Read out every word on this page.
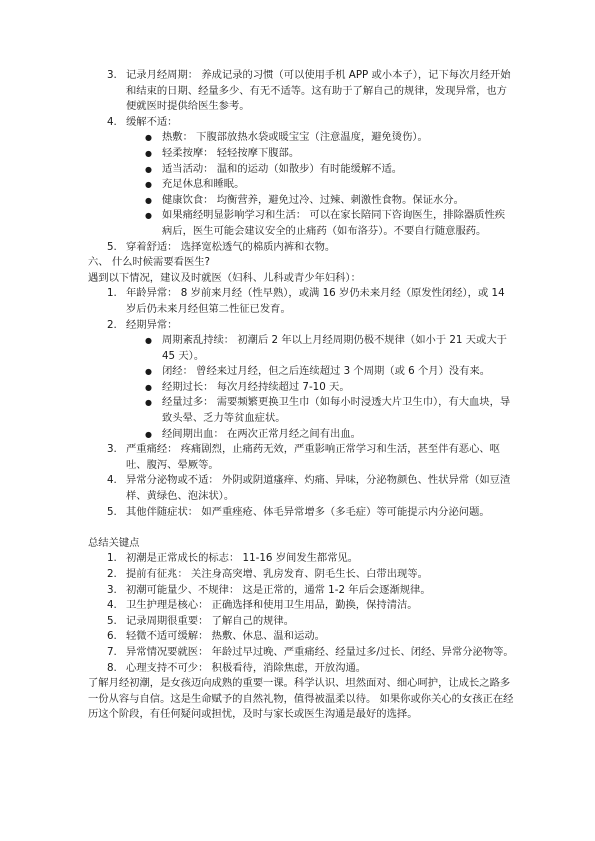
3. 记录月经周期： 养成记录的习惯（可以使用手机 APP 或小本子），记下每次月经开始和结束的日期、经量多少、有无不适等。这有助于了解自己的规律，发现异常，也方便就医时提供给医生参考。
4. 缓解不适：
● 热敷： 下腹部放热水袋或暖宝宝（注意温度，避免烫伤）。
● 轻柔按摩： 轻轻按摩下腹部。
● 适当活动： 温和的运动（如散步）有时能缓解不适。
● 充足休息和睡眠。
● 健康饮食： 均衡营养，避免过冷、过辣、刺激性食物。保证水分。
● 如果痛经明显影响学习和生活： 可以在家长陪同下咨询医生，排除器质性疾病后，医生可能会建议安全的止痛药（如布洛芬）。不要自行随意服药。
5. 穿着舒适： 选择宽松透气的棉质内裤和衣物。
六、 什么时候需要看医生?
遇到以下情况，建议及时就医（妇科、儿科或青少年妇科）：
1. 年龄异常： 8 岁前来月经（性早熟），或满 16 岁仍未来月经（原发性闭经），或 14 岁后仍未来月经但第二性征已发育。
2. 经期异常：
● 周期紊乱持续： 初潮后 2 年以上月经周期仍极不规律（如小于 21 天或大于 45 天）。
● 闭经： 曾经来过月经，但之后连续超过 3 个周期（或 6 个月）没有来。
● 经期过长： 每次月经持续超过 7-10 天。
● 经量过多： 需要频繁更换卫生巾（如每小时浸透大片卫生巾），有大血块，导致头晕、乏力等贫血症状。
● 经间期出血： 在两次正常月经之间有出血。
3. 严重痛经： 疼痛剧烈，止痛药无效，严重影响正常学习和生活，甚至伴有恶心、呕吐、腹泻、晕厥等。
4. 异常分泌物或不适： 外阴或阴道瘙痒、灼痛、异味，分泌物颜色、性状异常（如豆渣样、黄绿色、泡沫状）。
5. 其他伴随症状： 如严重痤疮、体毛异常增多（多毛症）等可能提示内分泌问题。
总结关键点
1. 初潮是正常成长的标志： 11-16 岁间发生都常见。
2. 提前有征兆： 关注身高突增、乳房发育、阴毛生长、白带出现等。
3. 初潮可能量少、不规律： 这是正常的，通常 1-2 年后会逐渐规律。
4. 卫生护理是核心： 正确选择和使用卫生用品，勤换，保持清洁。
5. 记录周期很重要： 了解自己的规律。
6. 轻微不适可缓解： 热敷、休息、温和运动。
7. 异常情况要就医： 年龄过早过晚、严重痛经、经量过多/过长、闭经、异常分泌物等。
8. 心理支持不可少： 积极看待，消除焦虑，开放沟通。
了解月经初潮，是女孩迈向成熟的重要一课。科学认识、坦然面对、细心呵护，让成长之路多一份从容与自信。这是生命赋予的自然礼物，值得被温柔以待。 如果你或你关心的女孩正在经历这个阶段，有任何疑问或担忧，及时与家长或医生沟通是最好的选择。
